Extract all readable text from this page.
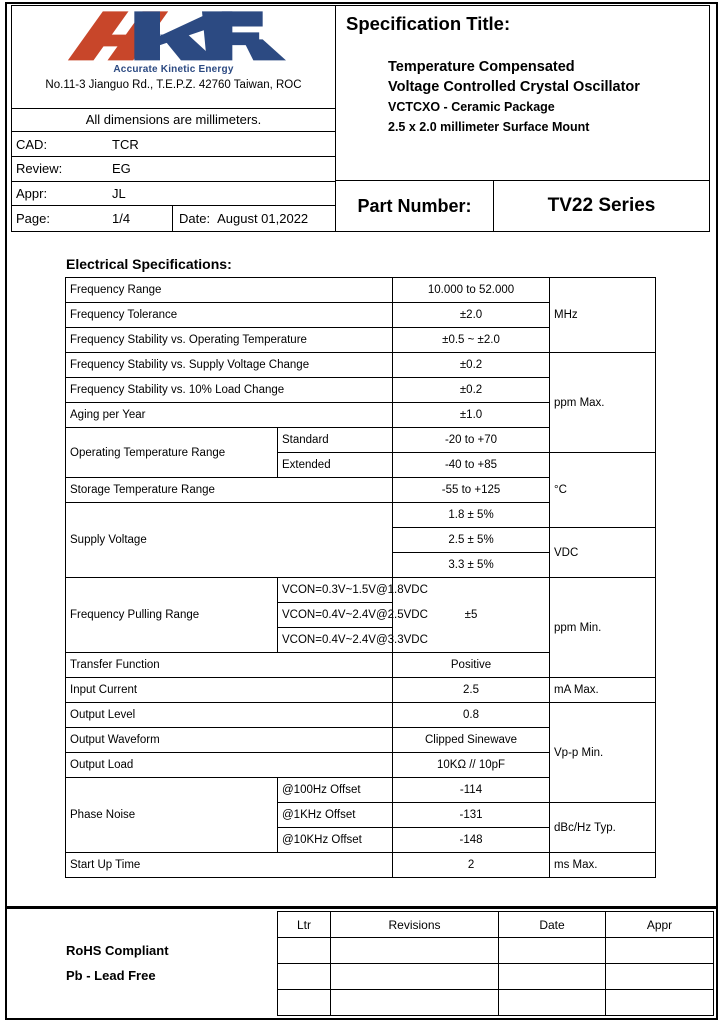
Accurate Kinetic Energy
No.11-3 Jianguo Rd., T.E.P.Z. 42760 Taiwan, ROC
All dimensions are millimeters.
CAD:	TCR
Review:	EG
Appr:	JL
Page:	1/4	Date: August 01,2022
Specification Title:
Temperature Compensated
Voltage Controlled Crystal Oscillator
VCTCXO - Ceramic Package
2.5 x 2.0 millimeter Surface Mount
Part Number:	TV22 Series
Electrical Specifications:
Frequency Range		10.000 to 52.000	MHz
Frequency Tolerance		±2.0	
Frequency Stability vs. Operating Temperature		±0.5 ~ ±2.0	
Frequency Stability vs. Supply Voltage Change		±0.2	ppm Max.
Frequency Stability vs. 10% Load Change		±0.2	
Aging per Year		±1.0	
Operating Temperature Range	Standard	-20 to +70	
	Extended	-40 to +85	°C
Storage Temperature Range		-55 to +125	
Supply Voltage		1.8 ± 5%	
		2.5 ± 5%	VDC
		3.3 ± 5%	
Frequency Pulling Range	VCON=0.3V~1.5V@1.8VDC	±5	ppm Min.
	VCON=0.4V~2.4V@2.5VDC		
	VCON=0.4V~2.4V@3.3VDC		
Transfer Function		Positive	
Input Current		2.5	mA Max.
Output Level		0.8	Vp-p Min.
Output Waveform		Clipped Sinewave	
Output Load		10KΩ // 10pF	
Phase Noise	@100Hz Offset	-114	
	@1KHz Offset	-131	dBc/Hz Typ.
	@10KHz Offset	-148	
Start Up Time		2	ms Max.
RoHS Compliant
Pb - Lead Free
Ltr	Revisions	Date	Appr
